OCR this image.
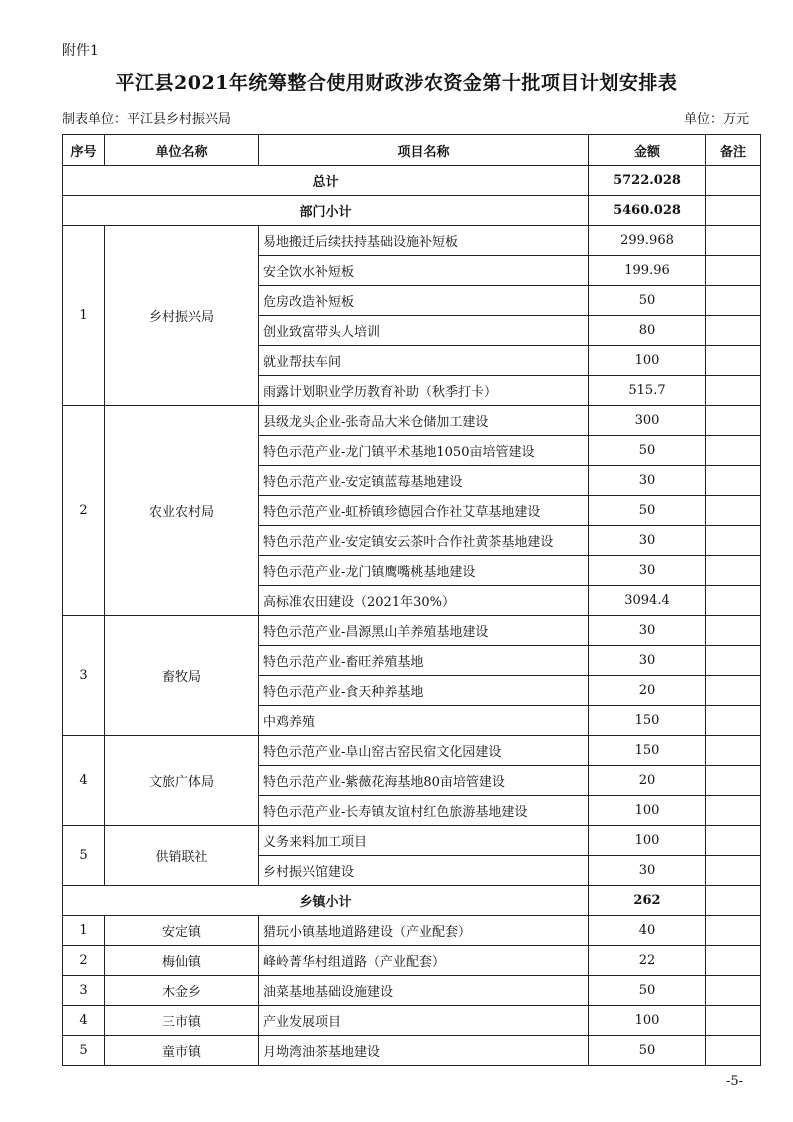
附件1
平江县2021年统筹整合使用财政涉农资金第十批项目计划安排表
制表单位：平江县乡村振兴局	单位：万元
序号	单位名称	项目名称	金额	备注
总计			5722.028	
部门小计			5460.028	
1	乡村振兴局	易地搬迁后续扶持基础设施补短板	299.968	
		安全饮水补短板	199.96	
		危房改造补短板	50	
		创业致富带头人培训	80	
		就业帮扶车间	100	
		雨露计划职业学历教育补助（秋季打卡）	515.7	
2	农业农村局	县级龙头企业-张奇品大米仓储加工建设	300	
		特色示范产业-龙门镇平术基地1050亩培管建设	50	
		特色示范产业-安定镇蓝莓基地建设	30	
		特色示范产业-虹桥镇珍德园合作社艾草基地建设	50	
		特色示范产业-安定镇安云茶叶合作社黄茶基地建设	30	
		特色示范产业-龙门镇鹰嘴桃基地建设	30	
		高标准农田建设（2021年30%）	3094.4	
3	畜牧局	特色示范产业-昌源黑山羊养殖基地建设	30	
		特色示范产业-畜旺养殖基地	30	
		特色示范产业-食天种养基地	20	
		中鸡养殖	150	
4	文旅广体局	特色示范产业-阜山窑古窑民宿文化园建设	150	
		特色示范产业-紫薇花海基地80亩培管建设	20	
		特色示范产业-长寿镇友谊村红色旅游基地建设	100	
5	供销联社	义务来料加工项目	100	
		乡村振兴馆建设	30	
乡镇小计			262	
1	安定镇	猎玩小镇基地道路建设（产业配套）	40	
2	梅仙镇	峰岭菁华村组道路（产业配套）	22	
3	木金乡	油菜基地基础设施建设	50	
4	三市镇	产业发展项目	100	
5	童市镇	月坳湾油茶基地建设	50	
-5-
